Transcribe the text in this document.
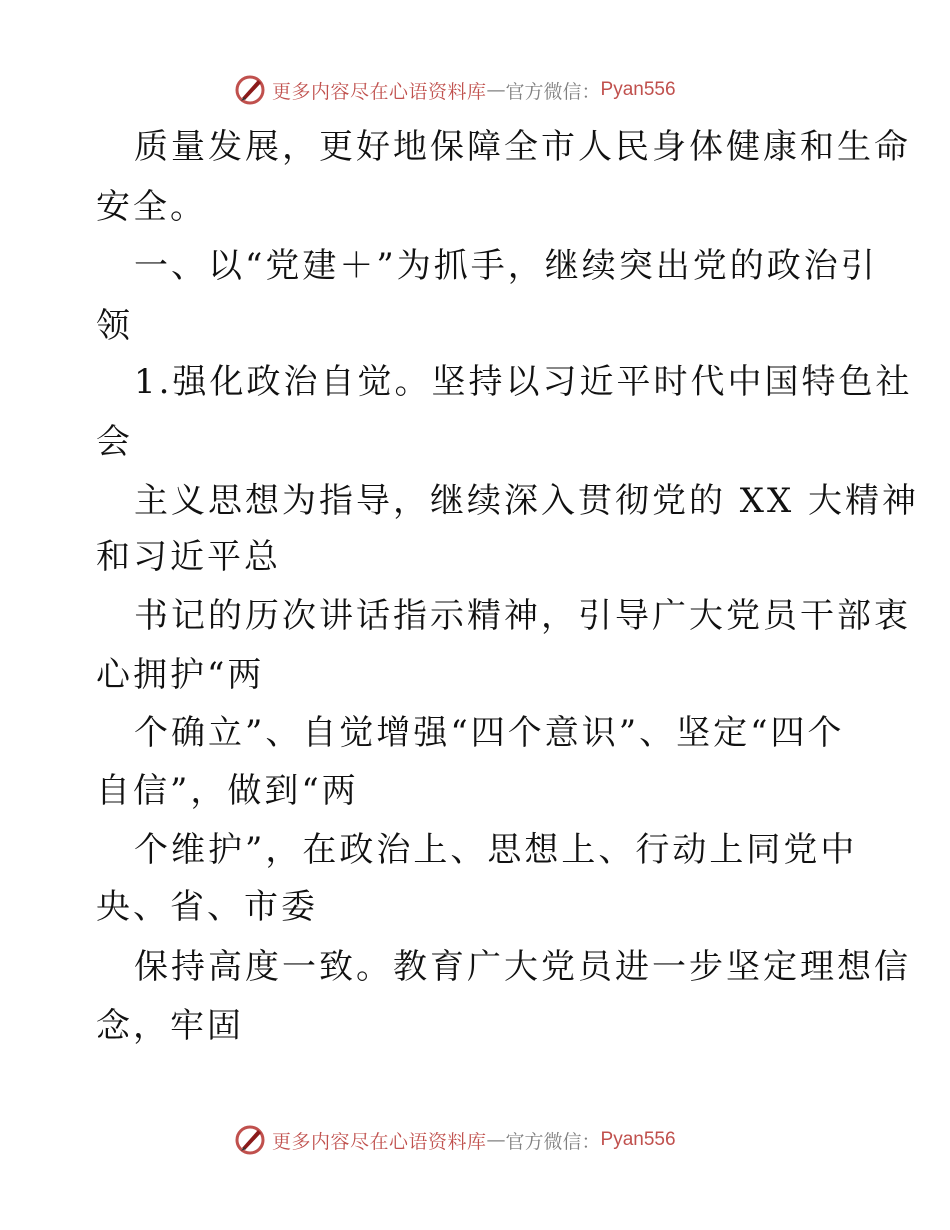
更多内容尽在心语资料库 — 官方微信： Pyan556
质量发展，更好地保障全市人民身体健康和生命
安全。
一、以“党建＋”为抓手，继续突出党的政治引
领
1.强化政治自觉。坚持以习近平时代中国特色社
会
主义思想为指导，继续深入贯彻党的 XX 大精神
和习近平总
书记的历次讲话指示精神，引导广大党员干部衷
心拥护“两
个确立”、自觉增强“四个意识”、坚定“四个
自信”，做到“两
个维护”，在政治上、思想上、行动上同党中
央、省、市委
保持高度一致。教育广大党员进一步坚定理想信
念，牢固
更多内容尽在心语资料库 — 官方微信： Pyan556
